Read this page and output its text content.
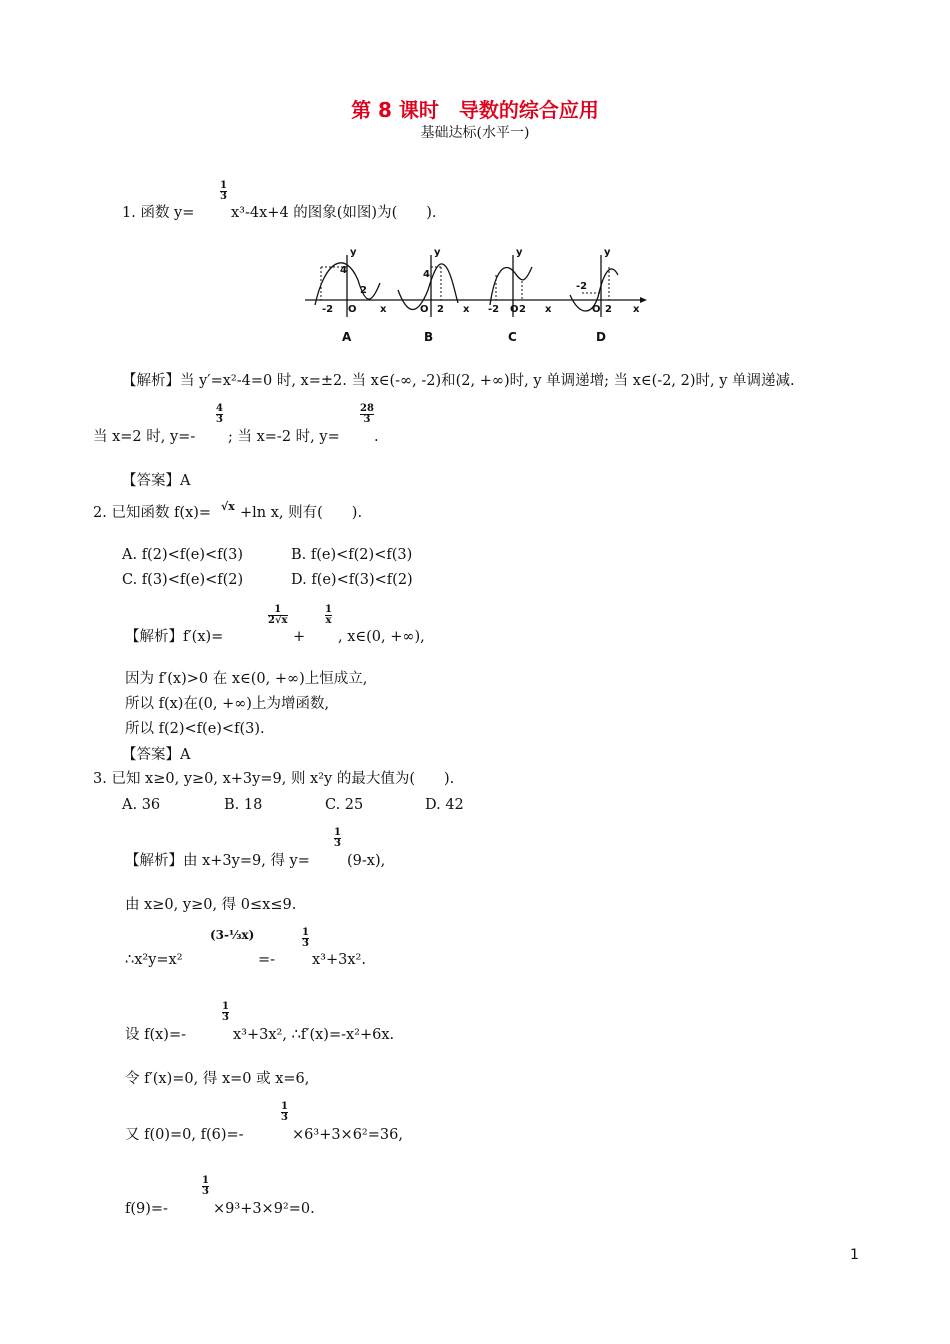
第 8 课时　导数的综合应用
基础达标(水平一)
1. 函数 y=
$\frac{1}{3}$
x³-4x+4 的图象(如图)为(　　).
y
4
O
2
-2	x
A
y
4
O 2 x
B
y
-2 O 2 x
C
y
-2
O 2 x
D
【解析】当 y′=x²-4=0 时, x=±2. 当 x∈(-∞, -2)和(2, +∞)时, y 单调递增; 当 x∈(-2, 2)时, y 单调递减.
当 x=2 时, y=-
$\frac{4}{3}$
; 当 x=-2 时, y=
$\frac{28}{3}$
.
【答案】A
2. 已知函数 f(x)= √x +ln x, 则有(　　).
A. f(2)<f(e)<f(3)	B. f(e)<f(2)<f(3)
C. f(3)<f(e)<f(2)	D. f(e)<f(3)<f(2)
【解析】f′(x)=
$\frac{1}{2√x}$
+
$\frac{1}{x}$
, x∈(0, +∞),
因为 f′(x)>0 在 x∈(0, +∞)上恒成立,
所以 f(x)在(0, +∞)上为增函数,
所以 f(2)<f(e)<f(3).
【答案】A
3. 已知 x≥0, y≥0, x+3y=9, 则 x²y 的最大值为(　　).
A. 36	B. 18	C. 25	D. 42
【解析】由 x+3y=9, 得 y=
$\frac{1}{3}$
(9-x),
由 x≥0, y≥0, 得 0≤x≤9.
∴x²y=x²
(3-⅓x)
=-
$\frac{1}{3}$
x³+3x².
设 f(x)=-
$\frac{1}{3}$
x³+3x², ∴f′(x)=-x²+6x.
令 f′(x)=0, 得 x=0 或 x=6,
又 f(0)=0, f(6)=-
$\frac{1}{3}$
×6³+3×6²=36,
f(9)=-
$\frac{1}{3}$
×9³+3×9²=0.
1
